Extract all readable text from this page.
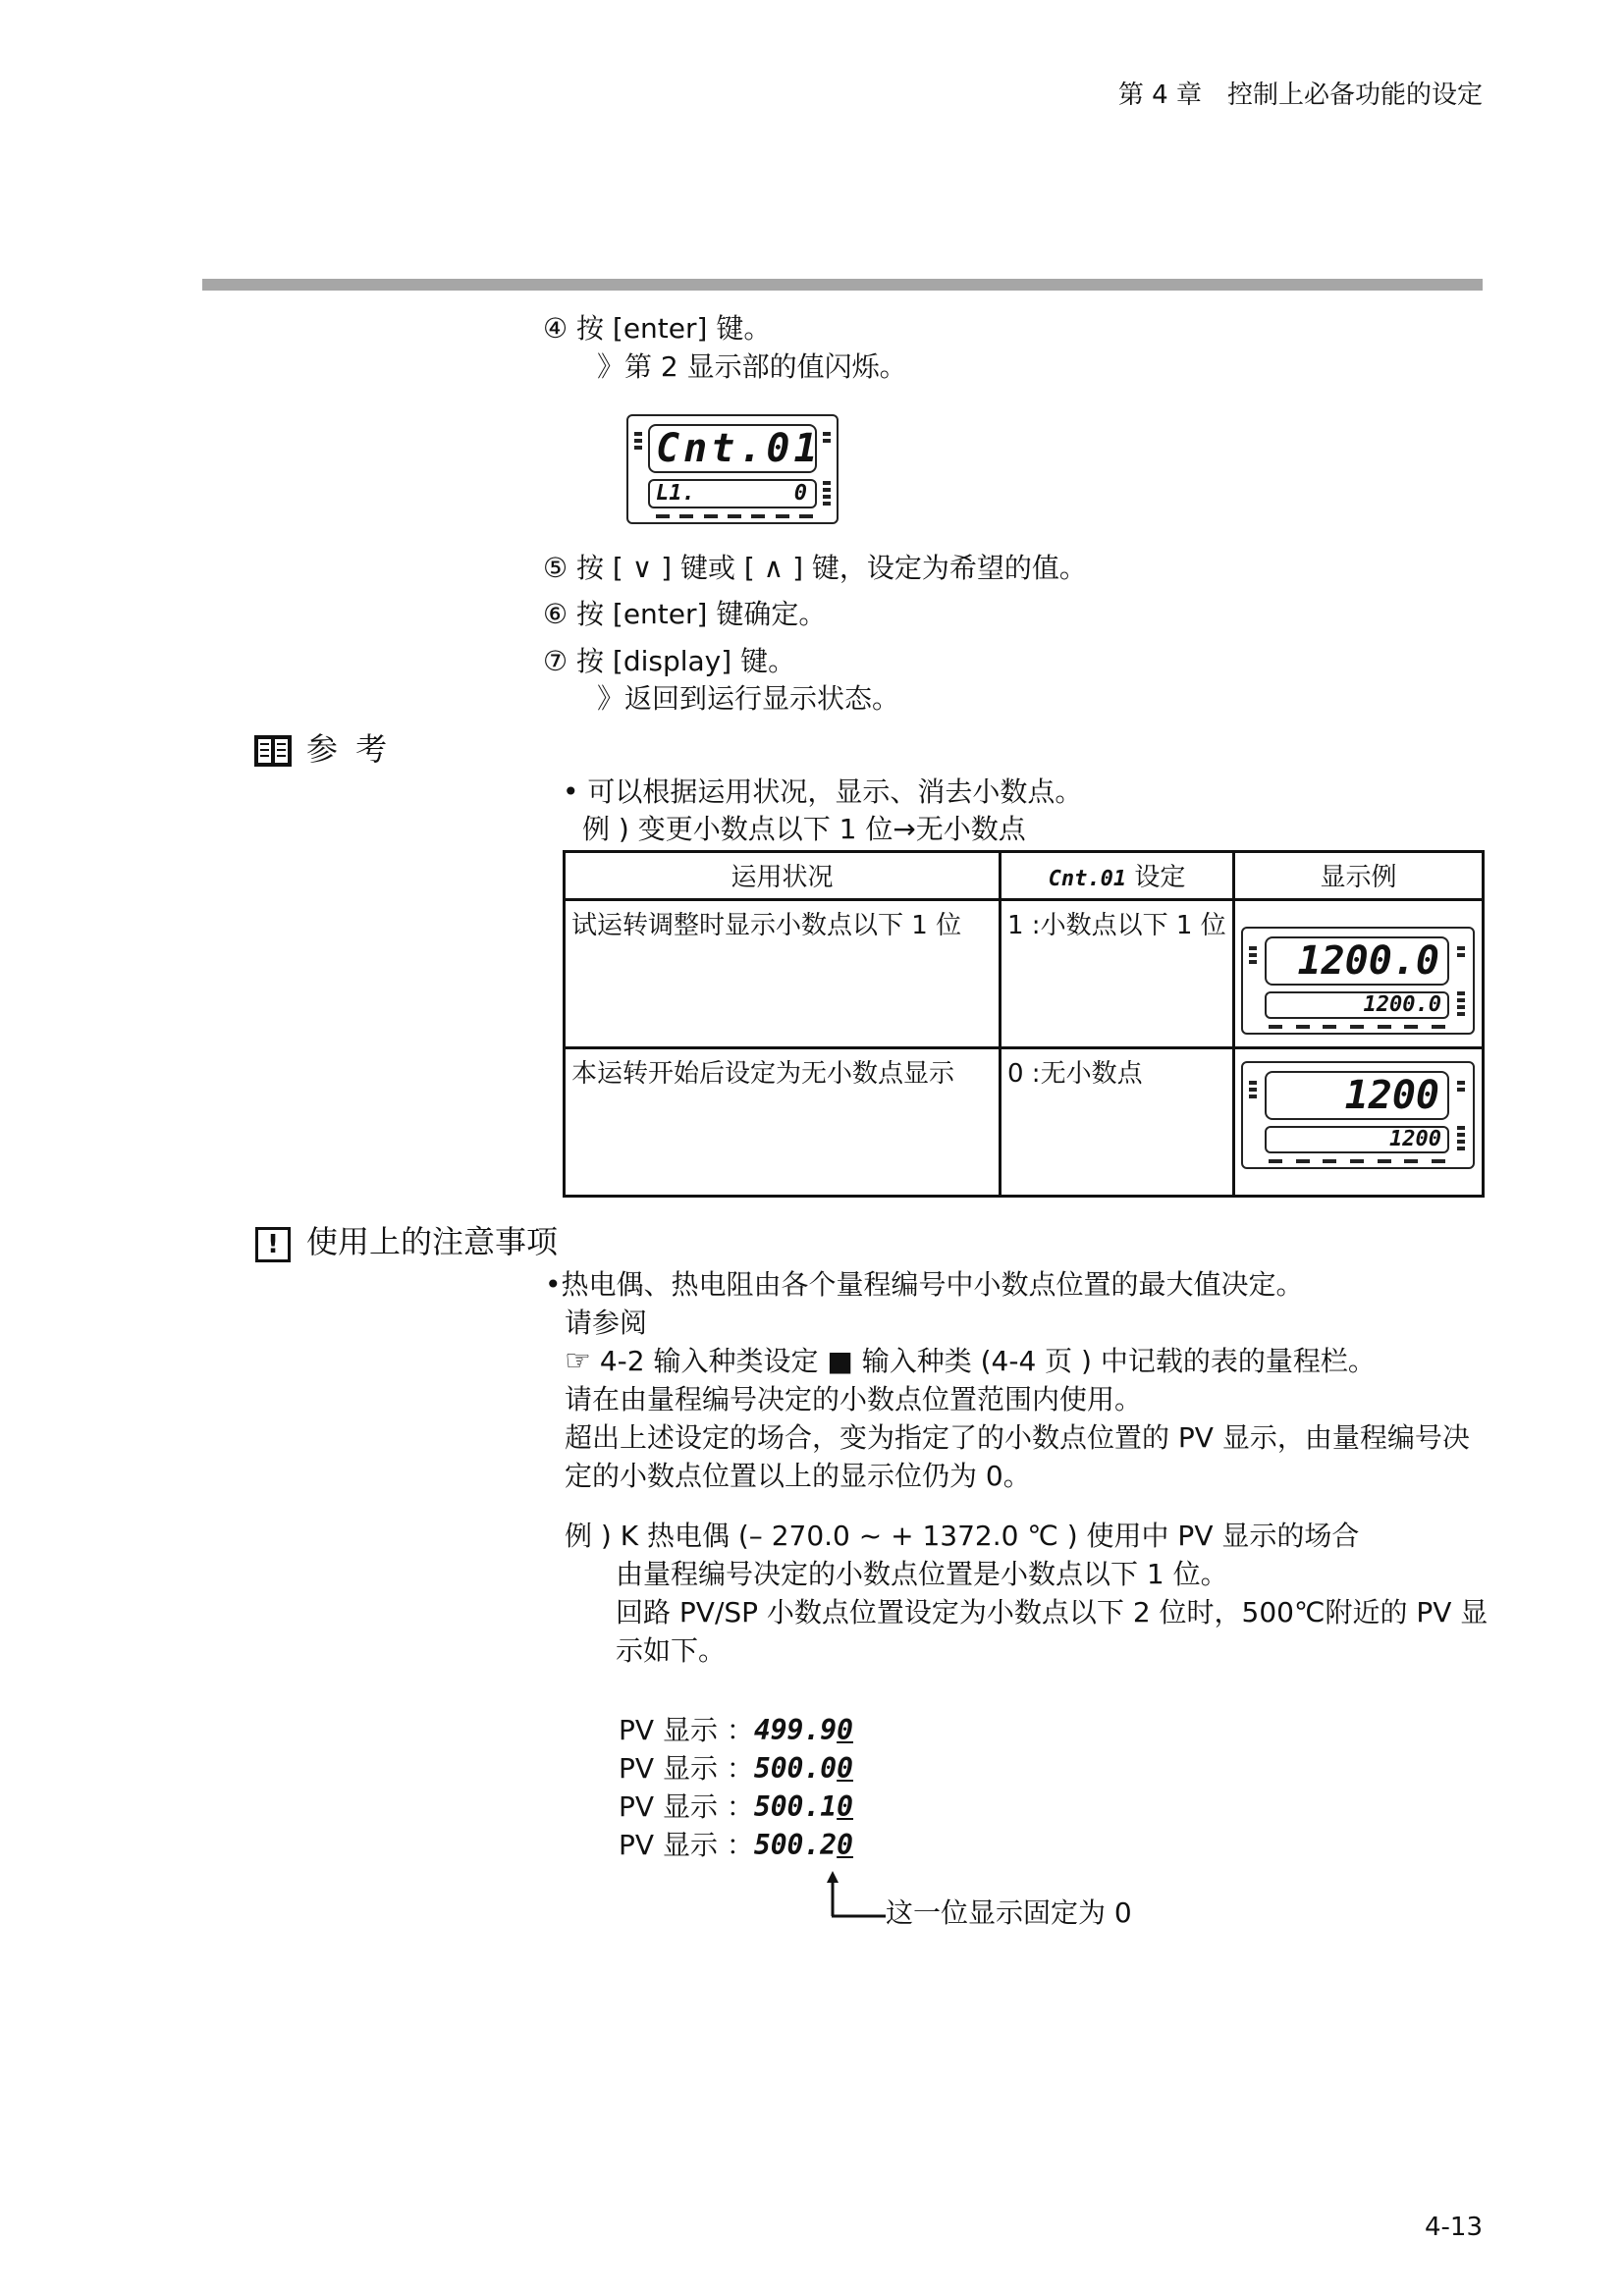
第 4 章　控制上必备功能的设定
④ 按 [enter] 键。
》第 2 显示部的值闪烁。
Cnt.01
L1.	0
⑤ 按 [ ∨ ] 键或 [ ∧ ] 键，设定为希望的值。
⑥ 按 [enter] 键确定。
⑦ 按 [display] 键。
》返回到运行显示状态。
参 考
• 可以根据运用状况，显示、消去小数点。
例 ) 变更小数点以下 1 位→无小数点
运用状况	Cnt.01 设定	显示例
试运转调整时显示小数点以下 1 位	1 :小数点以下 1 位	1200.0
1200.0

本运转开始后设定为无小数点显示	0 :无小数点	1200
1200
! 使用上的注意事项
•热电偶、热电阻由各个量程编号中小数点位置的最大值决定。
请参阅
☞ 4-2 输入种类设定 ■ 输入种类 (4-4 页 ) 中记载的表的量程栏。
请在由量程编号决定的小数点位置范围内使用。
超出上述设定的场合，变为指定了的小数点位置的 PV 显示，由量程编号决
定的小数点位置以上的显示位仍为 0。
例 ) K 热电偶 (– 270.0 ~ + 1372.0 ℃ ) 使用中 PV 显示的场合
由量程编号决定的小数点位置是小数点以下 1 位。
回路 PV/SP 小数点位置设定为小数点以下 2 位时，500℃附近的 PV 显
示如下。
PV 显示 ：499.90
PV 显示 ：500.00
PV 显示 ：500.10
PV 显示 ：500.20
这一位显示固定为 0
4-13
